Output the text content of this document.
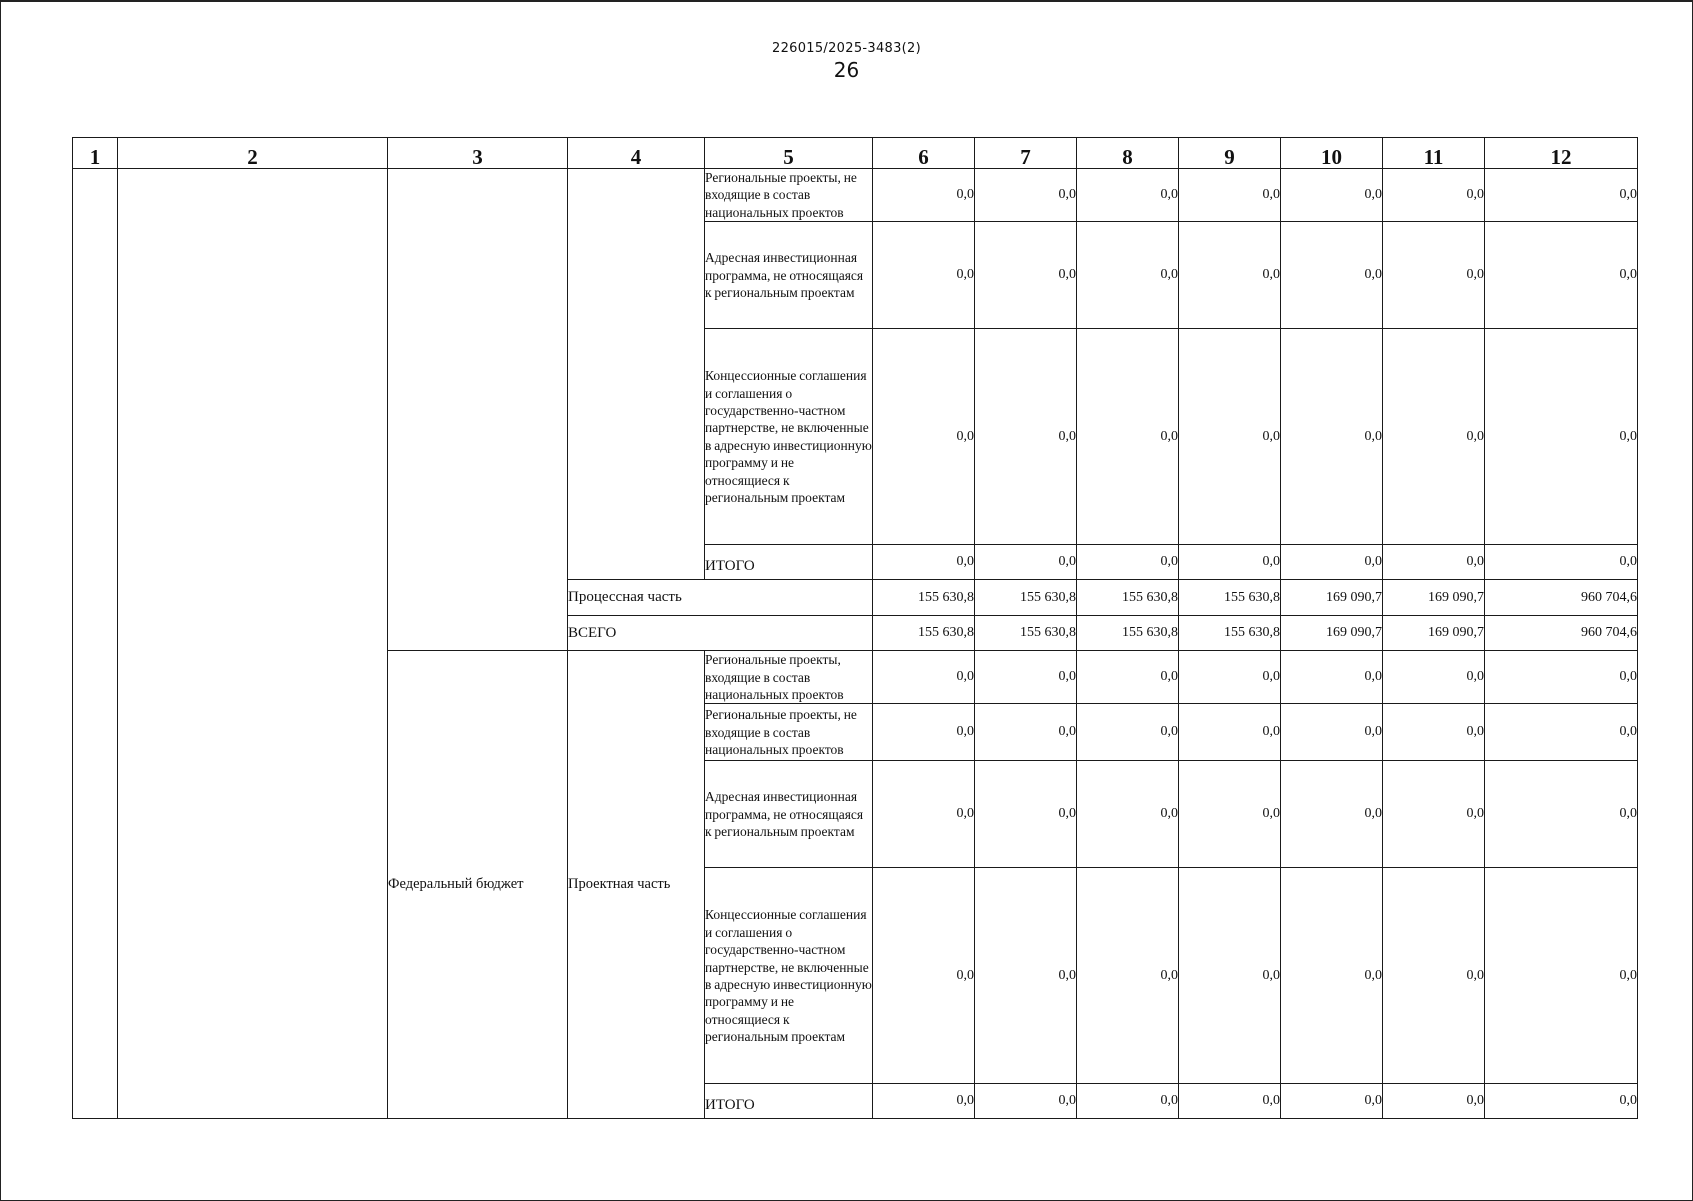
226015/2025-3483(2)
26
1	2	3	4	5	6	7	8	9	10	11	12
				Региональные проекты, не входящие в состав национальных проектов	0,0	0,0	0,0	0,0	0,0	0,0	0,0
				Адресная инвестиционная программа, не относящаяся к региональным проектам	0,0	0,0	0,0	0,0	0,0	0,0	0,0
				Концессионные соглашения и соглашения о государственно-частном партнерстве, не включенные в адресную инвестиционную программу и не относящиеся к региональным проектам	0,0	0,0	0,0	0,0	0,0	0,0	0,0

				ИТОГО	0,0	0,0	0,0	0,0	0,0	0,0	0,0
			Процессная часть		155 630,8	155 630,8	155 630,8	155 630,8	169 090,7	169 090,7	960 704,6
			ВСЕГО		155 630,8	155 630,8	155 630,8	155 630,8	169 090,7	169 090,7	960 704,6
		Федеральный бюджет	Проектная часть	Региональные проекты, входящие в состав национальных проектов	0,0	0,0	0,0	0,0	0,0	0,0	0,0
				Региональные проекты, не входящие в состав национальных проектов	0,0	0,0	0,0	0,0	0,0	0,0	0,0
				Адресная инвестиционная программа, не относящаяся к региональным проектам	0,0	0,0	0,0	0,0	0,0	0,0	0,0
				Концессионные соглашения и соглашения о государственно-частном партнерстве, не включенные в адресную инвестиционную программу и не относящиеся к региональным проектам	0,0	0,0	0,0	0,0	0,0	0,0	0,0

				ИТОГО	0,0	0,0	0,0	0,0	0,0	0,0	0,0
